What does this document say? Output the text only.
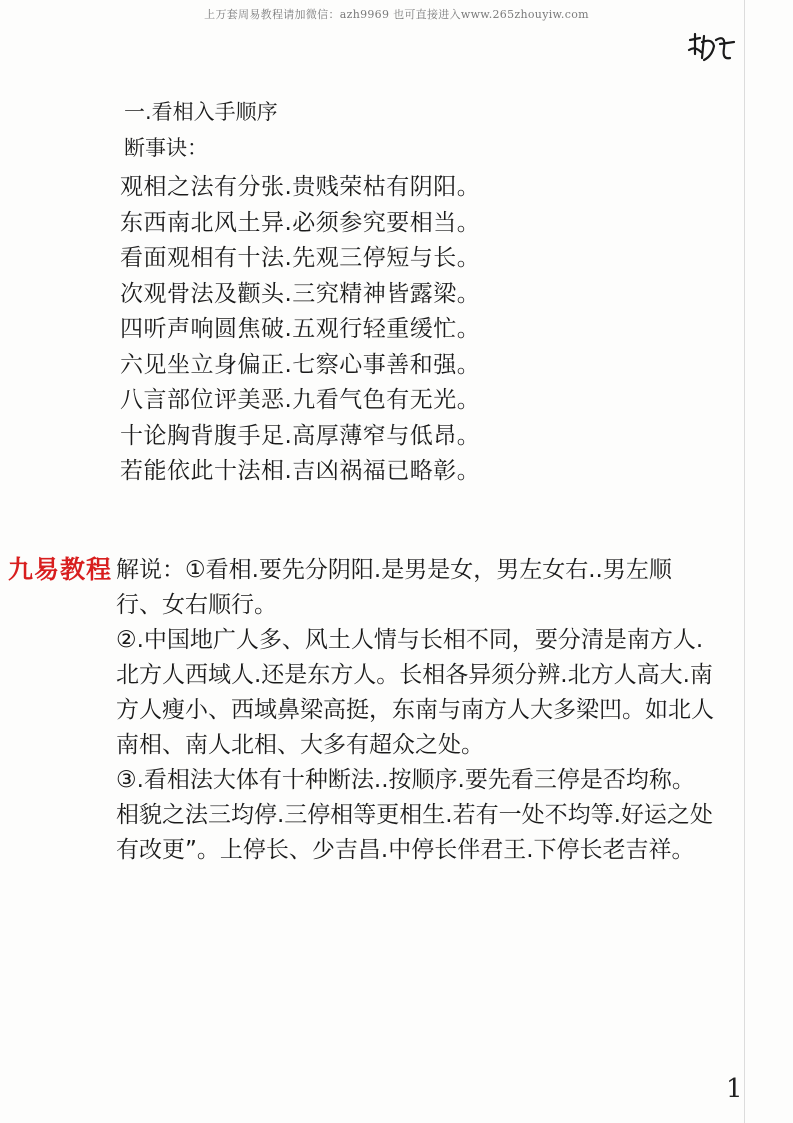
上万套周易教程请加微信：azh9969 也可直接进入www.265zhouyiw.com
一.看相入手顺序
断事诀：
观相之法有分张.贵贱荣枯有阴阳。
东西南北风土异.必须参究要相当。
看面观相有十法.先观三停短与长。
次观骨法及颧头.三究精神皆露梁。
四听声响圆焦破.五观行轻重缓忙。
六见坐立身偏正.七察心事善和强。
八言部位评美恶.九看气色有无光。
十论胸背腹手足.高厚薄窄与低昂。
若能依此十法相.吉凶祸福已略彰。

解说：①看相.要先分阴阳.是男是女，男左女右..男左顺行、女右顺行。

②.中国地广人多、风土人情与长相不同，要分清是南方人.北方人西域人.还是东方人。长相各异须分辨.北方人高大.南方人瘦小、西域鼻梁高挺，东南与南方人大多梁凹。如北人南相、南人北相、大多有超众之处。

③.看相法大体有十种断法..按顺序.要先看三停是否均称。相貌之法三均停.三停相等更相生.若有一处不均等.好运之处有改更”。上停长、少吉昌.中停长伴君王.下停长老吉祥。

九易教程
1
